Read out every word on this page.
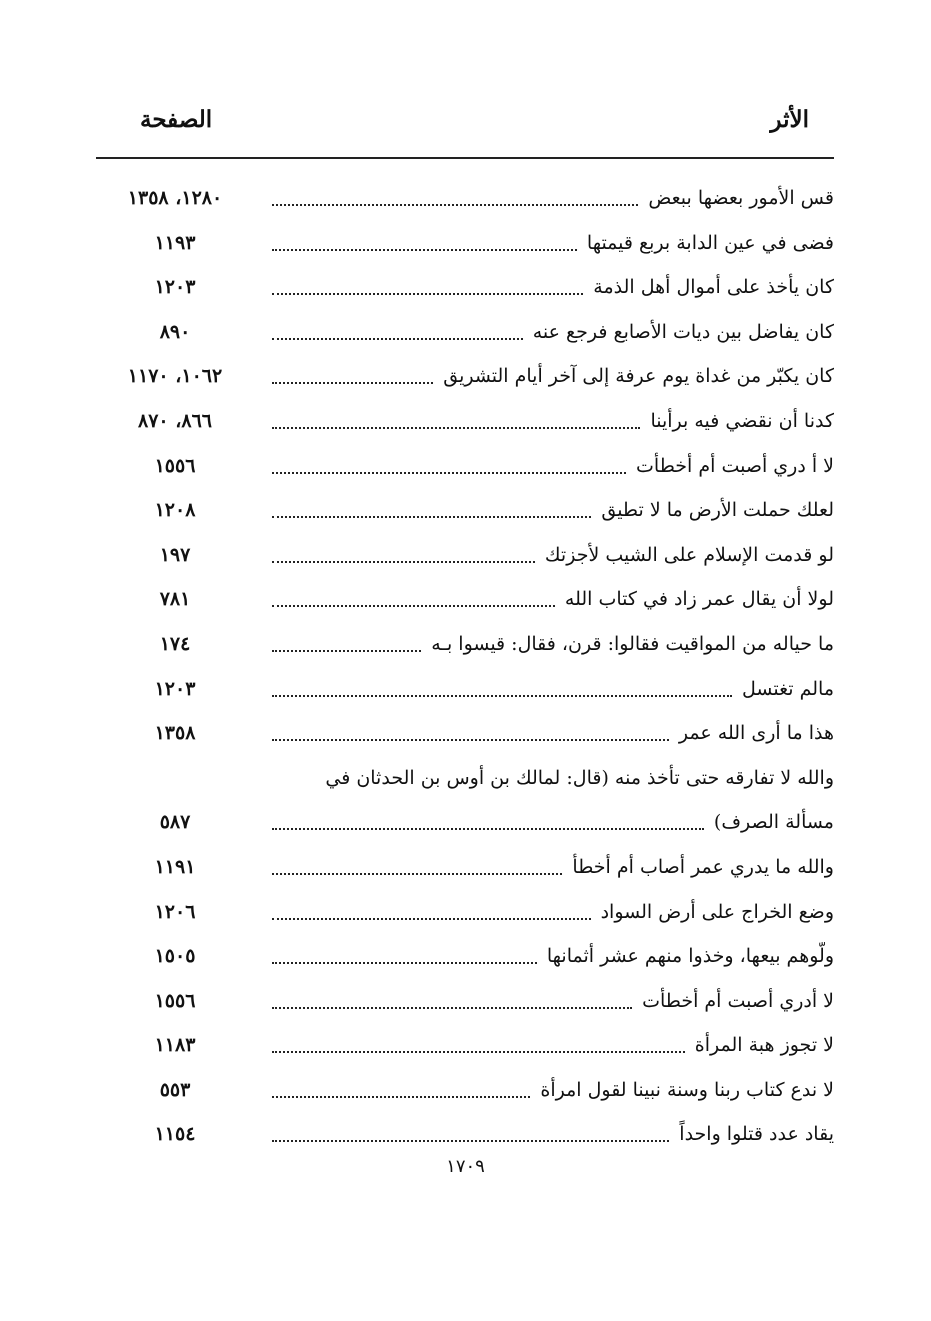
الأثر
الصفحة
قس الأمور بعضها ببعض
١٢٨٠، ١٣٥٨
فضى في عين الدابة بربع قيمتها
١١٩٣
كان يأخذ على أموال أهل الذمة
١٢٠٣
كان يفاضل بين ديات الأصابع فرجع عنه
٨٩٠
كان يكبّر من غداة يوم عرفة إلى آخر أيام التشريق
١٠٦٢، ١١٧٠
كدنا أن نقضي فيه برأينا
٨٦٦، ٨٧٠
لا أ دري أصبت أم أخطأت
١٥٥٦
لعلك حملت الأرض ما لا تطيق
١٢٠٨
لو قدمت الإسلام على الشيب لأجزتك
١٩٧
لولا أن يقال عمر زاد في كتاب الله
٧٨١
ما حياله من المواقيت فقالوا: قرن، فقال: قيسوا بـه
١٧٤
مالم تغتسل
١٢٠٣
هذا ما أرى الله عمر
١٣٥٨
والله لا تفارقه حتى تأخذ منه (قال: لمالك بن أوس بن الحدثان في
مسألة الصرف)
٥٨٧
والله ما يدري عمر أصاب أم أخطأ
١١٩١
وضع الخراج على أرض السواد
١٢٠٦
ولّوهم بيعها، وخذوا منهم عشر أثمانها
١٥٠٥
لا أدري أصبت أم أخطأت
١٥٥٦
لا تجوز هبة المرأة
١١٨٣
لا ندع كتاب ربنا وسنة نبينا لقول امرأة
٥٥٣
يقاد عدد قتلوا واحداً
١١٥٤
١٧٠٩
